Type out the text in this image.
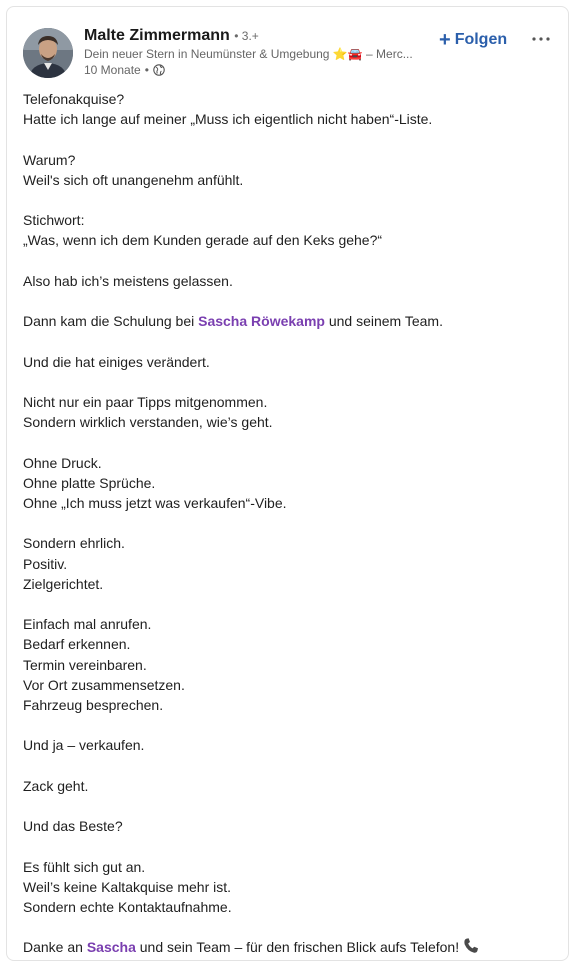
Malte Zimmermann • 3.+
Dein neuer Stern in Neumünster & Umgebung ⭐🚘 – Merc...
10 Monate •
+ Folgen
Telefonakquise?
Hatte ich lange auf meiner „Muss ich eigentlich nicht haben“-Liste.
Warum?
Weil's sich oft unangenehm anfühlt.
Stichwort:
„Was, wenn ich dem Kunden gerade auf den Keks gehe?“
Also hab ich’s meistens gelassen.
Dann kam die Schulung bei Sascha Röwekamp und seinem Team.
Und die hat einiges verändert.
Nicht nur ein paar Tipps mitgenommen.
Sondern wirklich verstanden, wie’s geht.
Ohne Druck.
Ohne platte Sprüche.
Ohne „Ich muss jetzt was verkaufen“-Vibe.
Sondern ehrlich.
Positiv.
Zielgerichtet.
Einfach mal anrufen.
Bedarf erkennen.
Termin vereinbaren.
Vor Ort zusammensetzen.
Fahrzeug besprechen.
Und ja – verkaufen.
Zack geht.
Und das Beste?
Es fühlt sich gut an.
Weil’s keine Kaltakquise mehr ist.
Sondern echte Kontaktaufnahme.
Danke an Sascha und sein Team – für den frischen Blick aufs Telefon!
